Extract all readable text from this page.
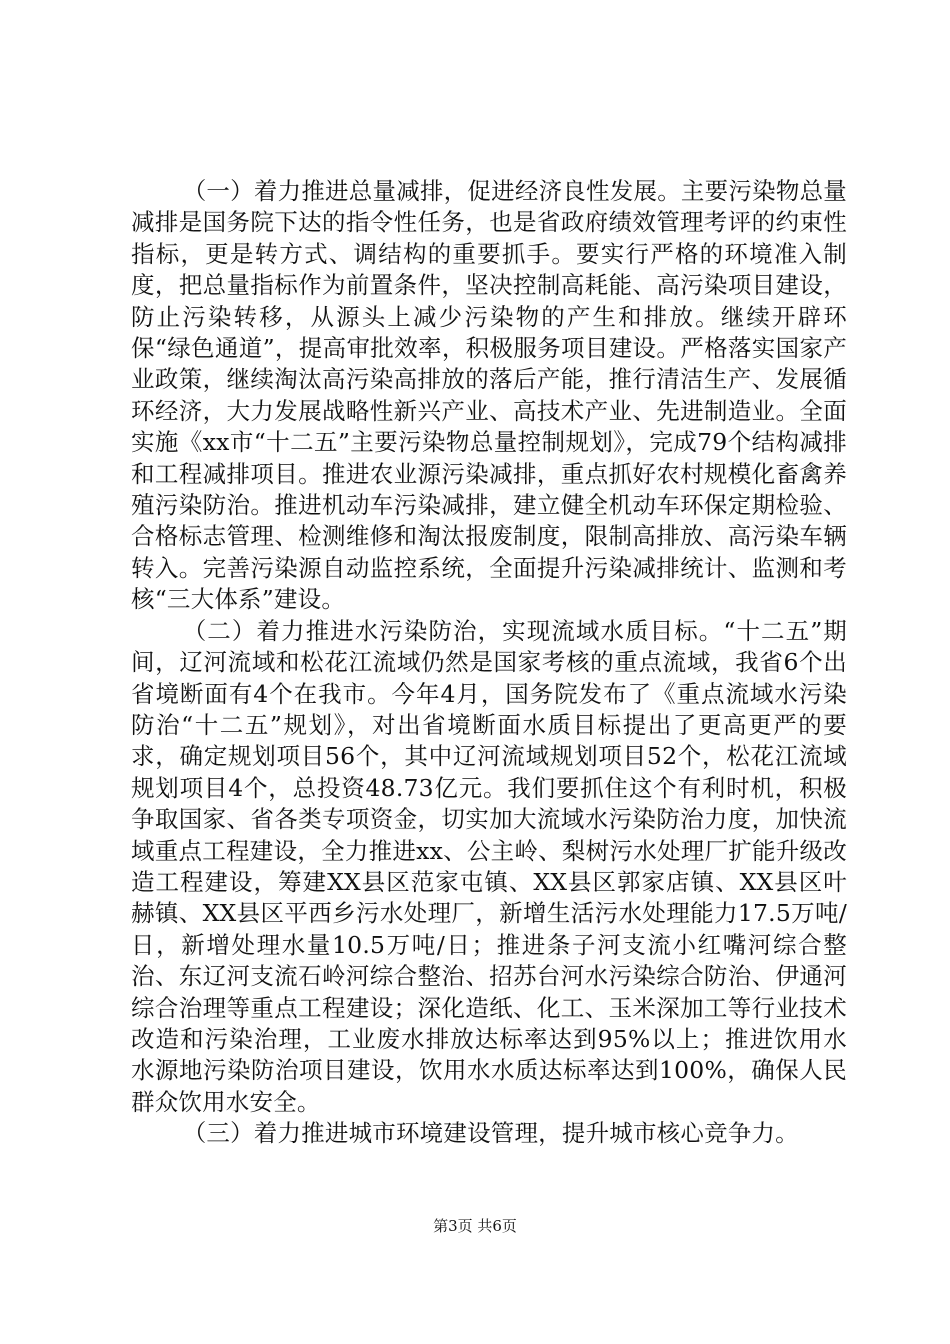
（一）着力推进总量减排，促进经济良性发展。主要污染物总量减排是国务院下达的指令性任务，也是省政府绩效管理考评的约束性指标，更是转方式、调结构的重要抓手。要实行严格的环境准入制度，把总量指标作为前置条件，坚决控制高耗能、高污染项目建设，防止污染转移，从源头上减少污染物的产生和排放。继续开辟环保“绿色通道”，提高审批效率，积极服务项目建设。严格落实国家产业政策，继续淘汰高污染高排放的落后产能，推行清洁生产、发展循环经济，大力发展战略性新兴产业、高技术产业、先进制造业。全面实施《xx市“十二五”主要污染物总量控制规划》，完成79个结构减排和工程减排项目。推进农业源污染减排，重点抓好农村规模化畜禽养殖污染防治。推进机动车污染减排，建立健全机动车环保定期检验、合格标志管理、检测维修和淘汰报废制度，限制高排放、高污染车辆转入。完善污染源自动监控系统，全面提升污染减排统计、监测和考核“三大体系”建设。

（二）着力推进水污染防治，实现流域水质目标。“十二五”期间，辽河流域和松花江流域仍然是国家考核的重点流域，我省6个出省境断面有4个在我市。今年4月，国务院发布了《重点流域水污染防治“十二五”规划》，对出省境断面水质目标提出了更高更严的要求，确定规划项目56个，其中辽河流域规划项目52个，松花江流域规划项目4个，总投资48.73亿元。我们要抓住这个有利时机，积极争取国家、省各类专项资金，切实加大流域水污染防治力度，加快流域重点工程建设，全力推进xx、公主岭、梨树污水处理厂扩能升级改造工程建设，筹建XX县区范家屯镇、XX县区郭家店镇、XX县区叶赫镇、XX县区平西乡污水处理厂，新增生活污水处理能力17.5万吨/日，新增处理水量10.5万吨/日；推进条子河支流小红嘴河综合整治、东辽河支流石岭河综合整治、招苏台河水污染综合防治、伊通河综合治理等重点工程建设；深化造纸、化工、玉米深加工等行业技术改造和污染治理，工业废水排放达标率达到95%以上；推进饮用水水源地污染防治项目建设，饮用水水质达标率达到100%，确保人民群众饮用水安全。

（三）着力推进城市环境建设管理，提升城市核心竞争力。

第3页 共6页
